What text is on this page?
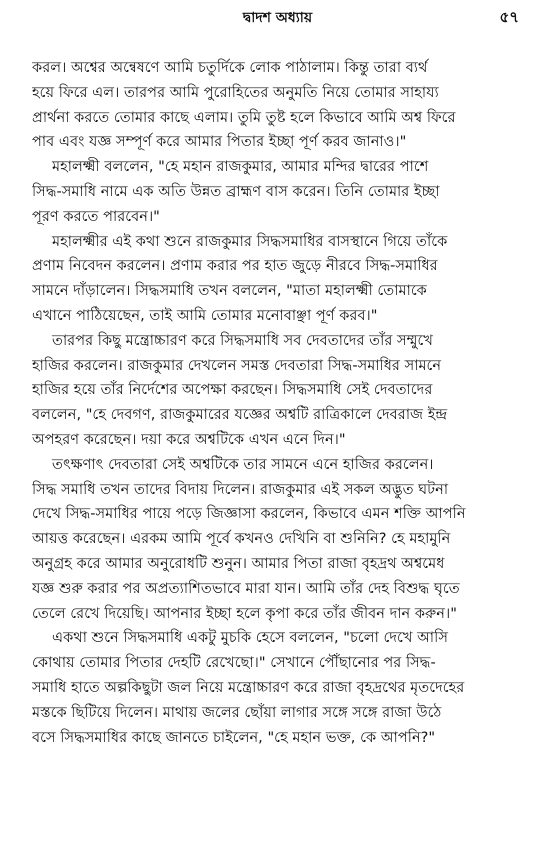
দ্বাদশ অধ্যায়	৫৭

করল। অশ্বের অন্বেষণে আমি চতুর্দিকে লোক পাঠালাম। কিন্তু তারা ব্যর্থ
হয়ে ফিরে এল। তারপর আমি পুরোহিতের অনুমতি নিয়ে তোমার সাহায্য
প্রার্থনা করতে তোমার কাছে এলাম। তুমি তুষ্ট হলে কিভাবে আমি অশ্ব ফিরে
পাব এবং যজ্ঞ সম্পূর্ণ করে আমার পিতার ইচ্ছা পূর্ণ করব জানাও।"

মহালক্ষ্মী বললেন, "হে মহান রাজকুমার, আমার মন্দির দ্বারের পাশে
সিদ্ধ-সমাধি নামে এক অতি উন্নত ব্রাহ্মণ বাস করেন। তিনি তোমার ইচ্ছা
পূরণ করতে পারবেন।"

মহালক্ষ্মীর এই কথা শুনে রাজকুমার সিদ্ধসমাধির বাসস্থানে গিয়ে তাঁকে
প্রণাম নিবেদন করলেন। প্রণাম করার পর হাত জুড়ে নীরবে সিদ্ধ-সমাধির
সামনে দাঁড়ালেন। সিদ্ধসমাধি তখন বললেন, "মাতা মহালক্ষ্মী তোমাকে
এখানে পাঠিয়েছেন, তাই আমি তোমার মনোবাঞ্ছা পূর্ণ করব।"

তারপর কিছু মন্ত্রোচ্চারণ করে সিদ্ধসমাধি সব দেবতাদের তাঁর সম্মুখে
হাজির করলেন। রাজকুমার দেখলেন সমস্ত দেবতারা সিদ্ধ-সমাধির সামনে
হাজির হয়ে তাঁর নির্দেশের অপেক্ষা করছেন। সিদ্ধসমাধি সেই দেবতাদের
বললেন, "হে দেবগণ, রাজকুমারের যজ্ঞের অশ্বটি রাত্রিকালে দেবরাজ ইন্দ্র
অপহরণ করেছেন। দয়া করে অশ্বটিকে এখন এনে দিন।"

তৎক্ষণাৎ দেবতারা সেই অশ্বটিকে তার সামনে এনে হাজির করলেন।
সিদ্ধ সমাধি তখন তাদের বিদায় দিলেন। রাজকুমার এই সকল অদ্ভুত ঘটনা
দেখে সিদ্ধ-সমাধির পায়ে পড়ে জিজ্ঞাসা করলেন, কিভাবে এমন শক্তি আপনি
আয়ত্ত করেছেন। এরকম আমি পূর্বে কখনও দেখিনি বা শুনিনি? হে মহামুনি
অনুগ্রহ করে আমার অনুরোধটি শুনুন। আমার পিতা রাজা বৃহদ্রথ অশ্বমেধ
যজ্ঞ শুরু করার পর অপ্রত্যাশিতভাবে মারা যান। আমি তাঁর দেহ বিশুদ্ধ ঘৃতে
তেলে রেখে দিয়েছি। আপনার ইচ্ছা হলে কৃপা করে তাঁর জীবন দান করুন।"

একথা শুনে সিদ্ধসমাধি একটু মুচকি হেসে বললেন, "চলো দেখে আসি
কোথায় তোমার পিতার দেহটি রেখেছো।" সেখানে পৌঁছানোর পর সিদ্ধ-
সমাধি হাতে অল্পকিছুটা জল নিয়ে মন্ত্রোচ্চারণ করে রাজা বৃহদ্রথের মৃতদেহের
মস্তকে ছিটিয়ে দিলেন। মাথায় জলের ছোঁয়া লাগার সঙ্গে সঙ্গে রাজা উঠে
বসে সিদ্ধসমাধির কাছে জানতে চাইলেন, "হে মহান ভক্ত, কে আপনি?"
